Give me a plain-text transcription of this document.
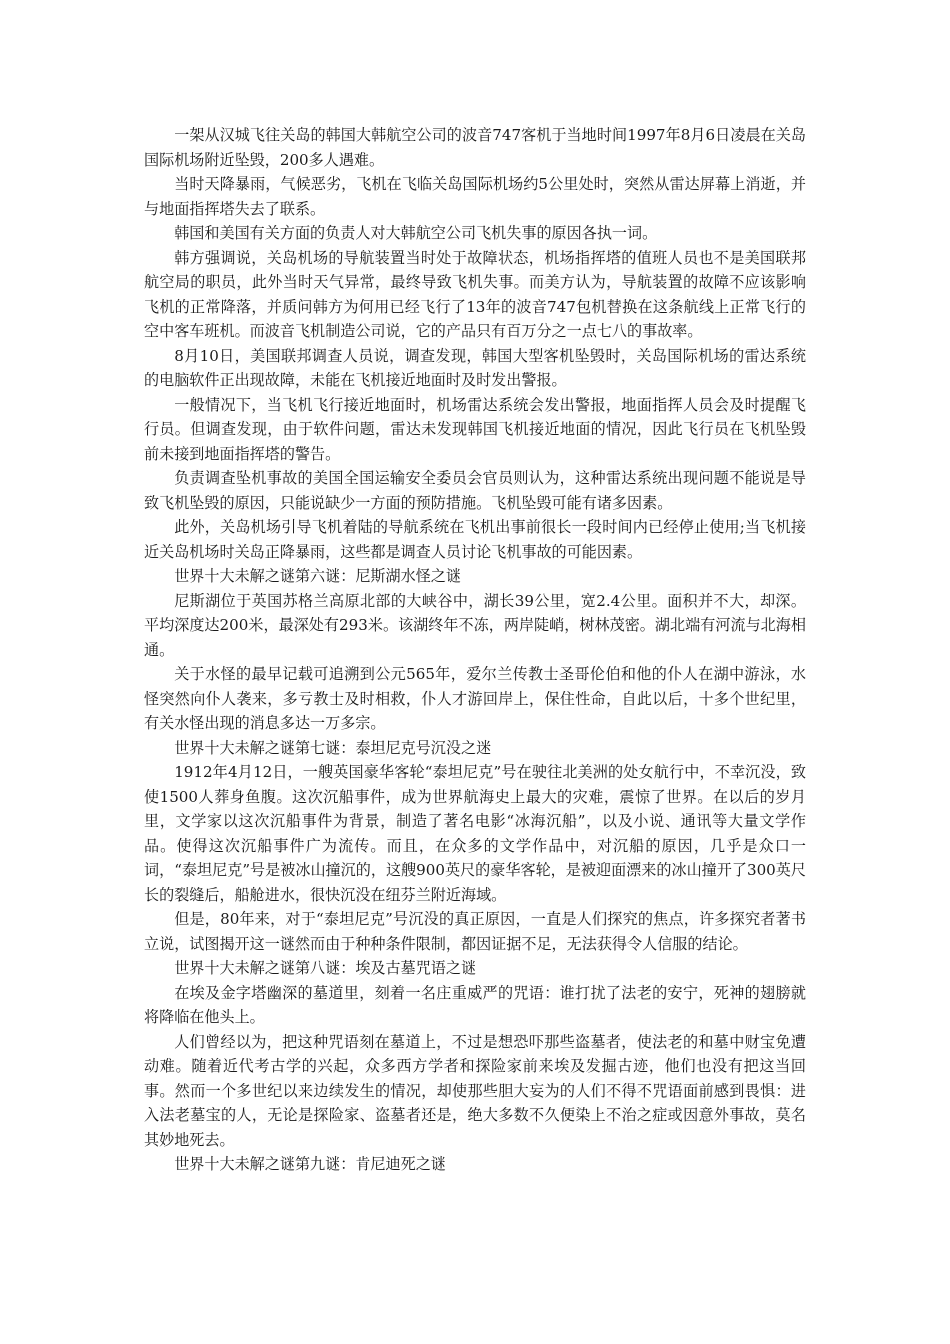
一架从汉城飞往关岛的韩国大韩航空公司的波音747客机于当地时间1997年8月6日凌晨在关岛国际机场附近坠毁，200多人遇难。

当时天降暴雨，气候恶劣，飞机在飞临关岛国际机场约5公里处时，突然从雷达屏幕上消逝，并与地面指挥塔失去了联系。

韩国和美国有关方面的负责人对大韩航空公司飞机失事的原因各执一词。

韩方强调说，关岛机场的导航装置当时处于故障状态，机场指挥塔的值班人员也不是美国联邦航空局的职员，此外当时天气异常，最终导致飞机失事。而美方认为，导航装置的故障不应该影响飞机的正常降落，并质问韩方为何用已经飞行了13年的波音747包机替换在这条航线上正常飞行的空中客车班机。而波音飞机制造公司说，它的产品只有百万分之一点七八的事故率。

8月10日，美国联邦调查人员说，调查发现，韩国大型客机坠毁时，关岛国际机场的雷达系统的电脑软件正出现故障，未能在飞机接近地面时及时发出警报。

一般情况下，当飞机飞行接近地面时，机场雷达系统会发出警报，地面指挥人员会及时提醒飞行员。但调查发现，由于软件问题，雷达未发现韩国飞机接近地面的情况，因此飞行员在飞机坠毁前未接到地面指挥塔的警告。

负责调查坠机事故的美国全国运输安全委员会官员则认为，这种雷达系统出现问题不能说是导致飞机坠毁的原因，只能说缺少一方面的预防措施。飞机坠毁可能有诸多因素。

此外，关岛机场引导飞机着陆的导航系统在飞机出事前很长一段时间内已经停止使用;当飞机接近关岛机场时关岛正降暴雨，这些都是调查人员讨论飞机事故的可能因素。

世界十大未解之谜第六谜：尼斯湖水怪之谜

尼斯湖位于英国苏格兰高原北部的大峡谷中，湖长39公里，宽2.4公里。面积并不大，却深。平均深度达200米，最深处有293米。该湖终年不冻，两岸陡峭，树林茂密。湖北端有河流与北海相通。

关于水怪的最早记载可追溯到公元565年，爱尔兰传教士圣哥伦伯和他的仆人在湖中游泳，水怪突然向仆人袭来，多亏教士及时相救，仆人才游回岸上，保住性命，自此以后，十多个世纪里，有关水怪出现的消息多达一万多宗。

世界十大未解之谜第七谜：泰坦尼克号沉没之迷

1912年4月12日，一艘英国豪华客轮“泰坦尼克”号在驶往北美洲的处女航行中，不幸沉没，致使1500人葬身鱼腹。这次沉船事件，成为世界航海史上最大的灾难，震惊了世界。在以后的岁月里，文学家以这次沉船事件为背景，制造了著名电影“冰海沉船”，以及小说、通讯等大量文学作品。使得这次沉船事件广为流传。而且，在众多的文学作品中，对沉船的原因，几乎是众口一词，“泰坦尼克”号是被冰山撞沉的，这艘900英尺的豪华客轮，是被迎面漂来的冰山撞开了300英尺长的裂缝后，船舱进水，很快沉没在纽芬兰附近海域。

但是，80年来，对于“泰坦尼克”号沉没的真正原因，一直是人们探究的焦点，许多探究者著书立说，试图揭开这一谜然而由于种种条件限制，都因证据不足，无法获得令人信服的结论。

世界十大未解之谜第八谜：埃及古墓咒语之谜

在埃及金字塔幽深的墓道里，刻着一名庄重威严的咒语：谁打扰了法老的安宁，死神的翅膀就将降临在他头上。

人们曾经以为，把这种咒语刻在墓道上，不过是想恐吓那些盗墓者，使法老的和墓中财宝免遭动难。随着近代考古学的兴起，众多西方学者和探险家前来埃及发掘古迹，他们也没有把这当回事。然而一个多世纪以来边续发生的情况，却使那些胆大妄为的人们不得不咒语面前感到畏惧：进入法老墓宝的人，无论是探险家、盗墓者还是，绝大多数不久便染上不治之症或因意外事故，莫名其妙地死去。

世界十大未解之谜第九谜：肯尼迪死之谜
